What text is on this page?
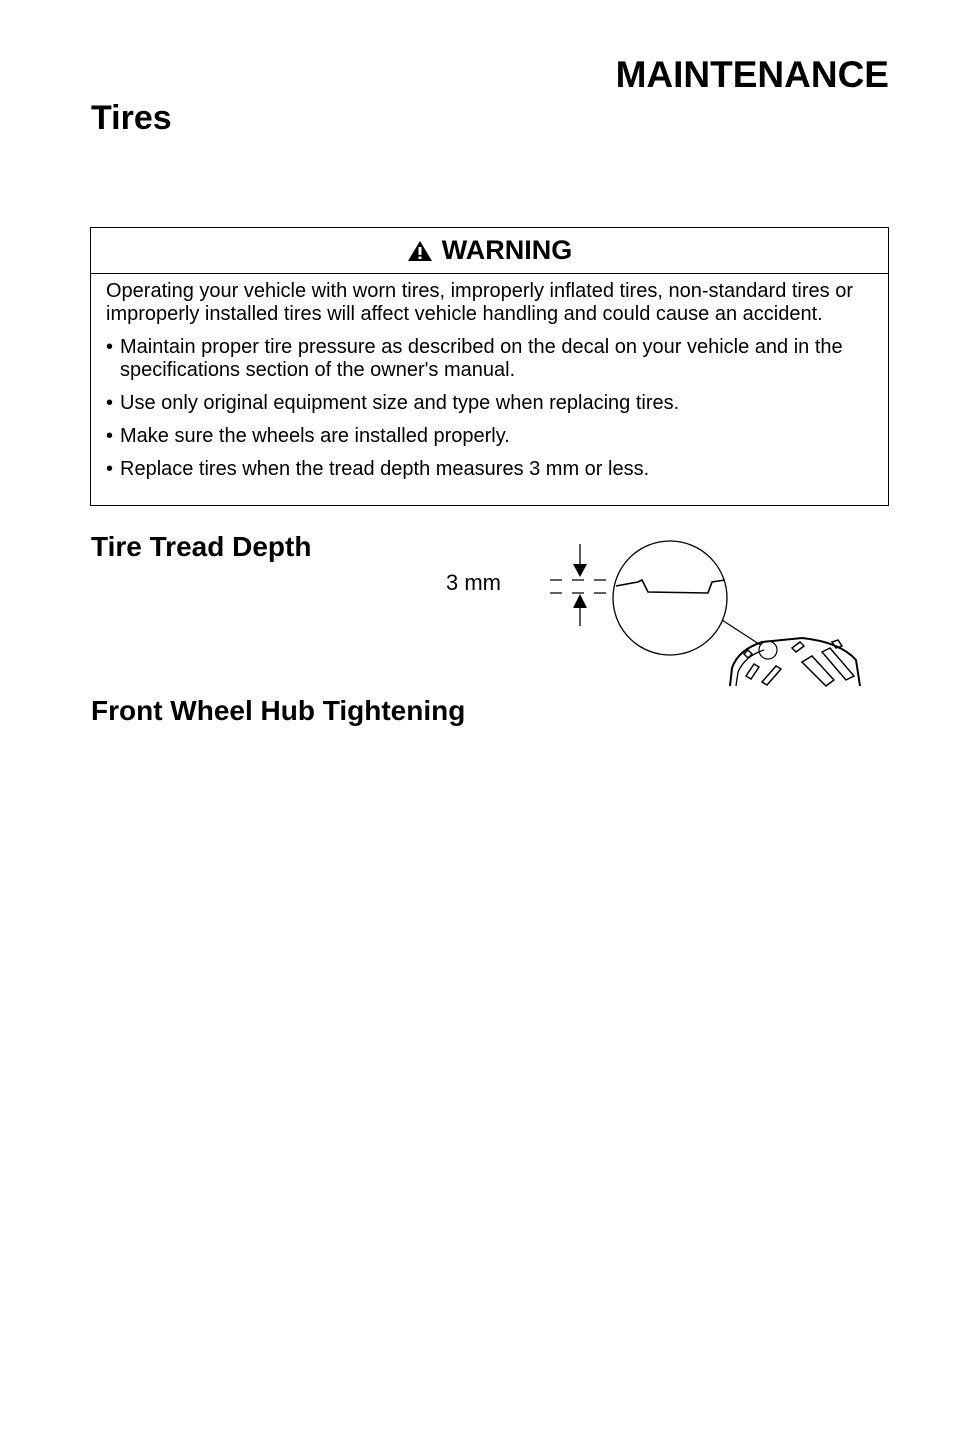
MAINTENANCE
Tires
WARNING

Operating your vehicle with worn tires, improperly inflated tires, non-standard tires or improperly installed tires will affect vehicle handling and could cause an accident.

• Maintain proper tire pressure as described on the decal on your vehicle and in the specifications section of the owner's manual.
• Use only original equipment size and type when replacing tires.
• Make sure the wheels are installed properly.
• Replace tires when the tread depth measures 3 mm or less.
Tire Tread Depth
3 mm
Front Wheel Hub Tightening
